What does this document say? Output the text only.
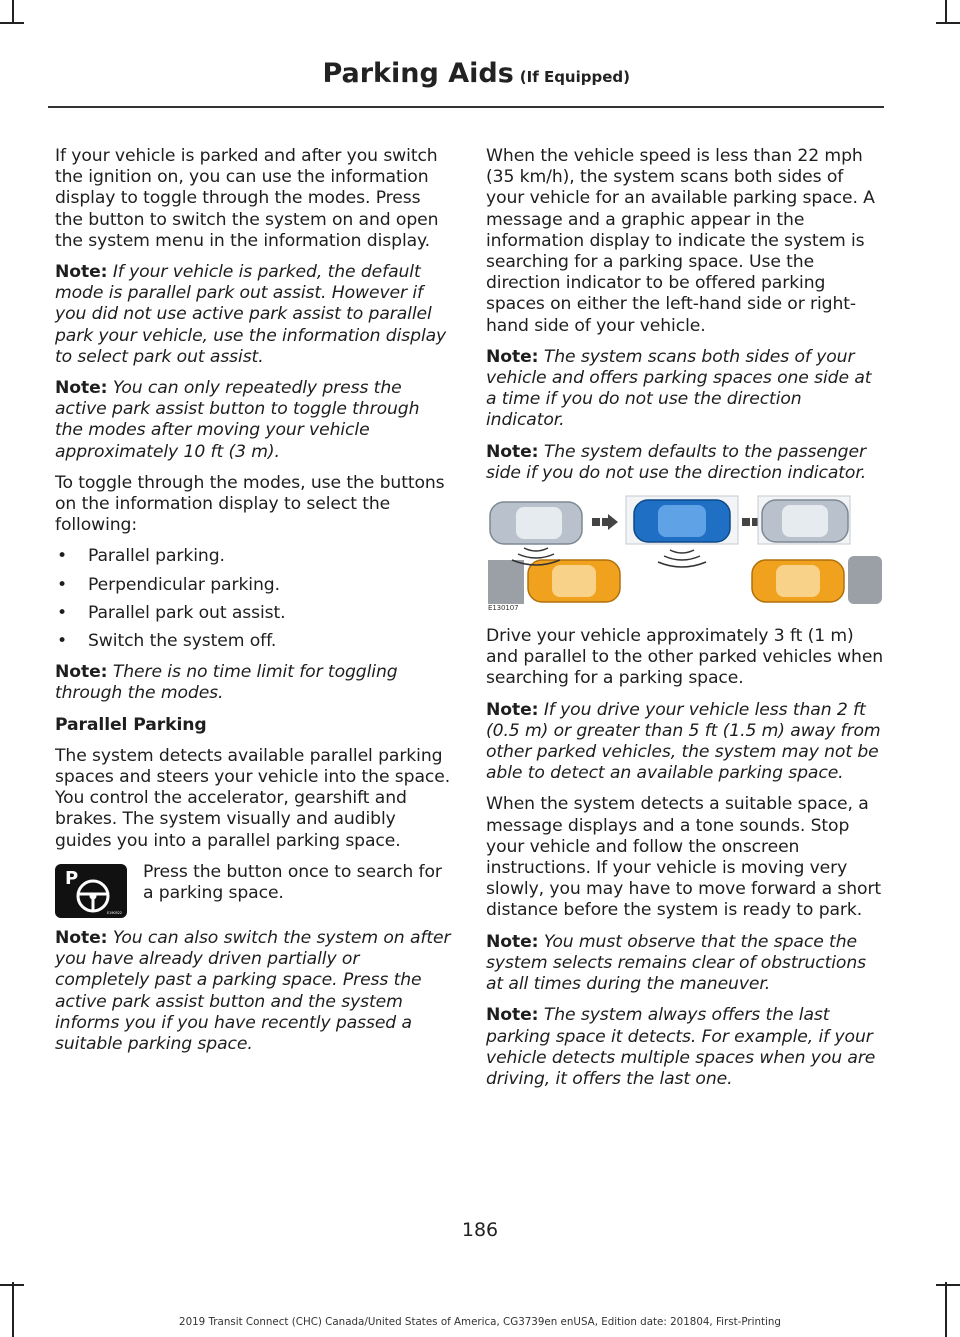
Parking Aids (If Equipped)

If your vehicle is parked and after you switch the ignition on, you can use the information display to toggle through the modes. Press the button to switch the system on and open the system menu in the information display.

Note: If your vehicle is parked, the default mode is parallel park out assist. However if you did not use active park assist to parallel park your vehicle, use the information display to select park out assist.

Note: You can only repeatedly press the active park assist button to toggle through the modes after moving your vehicle approximately 10 ft (3 m).

To toggle through the modes, use the buttons on the information display to select the following:

• Parallel parking.
• Perpendicular parking.
• Parallel park out assist.
• Switch the system off.

Note: There is no time limit for toggling through the modes.

Parallel Parking

The system detects available parallel parking spaces and steers your vehicle into the space. You control the accelerator, gearshift and brakes. The system visually and audibly guides you into a parallel parking space.

P
E190522

Press the button once to search for a parking space.

Note: You can also switch the system on after you have already driven partially or completely past a parking space. Press the active park assist button and the system informs you if you have recently passed a suitable parking space.

When the vehicle speed is less than 22 mph (35 km/h), the system scans both sides of your vehicle for an available parking space. A message and a graphic appear in the information display to indicate the system is searching for a parking space. Use the direction indicator to be offered parking spaces on either the left-hand side or right-hand side of your vehicle.

Note: The system scans both sides of your vehicle and offers parking spaces one side at a time if you do not use the direction indicator.

Note: The system defaults to the passenger side if you do not use the direction indicator.

E130107

Drive your vehicle approximately 3 ft (1 m) and parallel to the other parked vehicles when searching for a parking space.

Note: If you drive your vehicle less than 2 ft (0.5 m) or greater than 5 ft (1.5 m) away from other parked vehicles, the system may not be able to detect an available parking space.

When the system detects a suitable space, a message displays and a tone sounds. Stop your vehicle and follow the onscreen instructions. If your vehicle is moving very slowly, you may have to move forward a short distance before the system is ready to park.

Note: You must observe that the space the system selects remains clear of obstructions at all times during the maneuver.

Note: The system always offers the last parking space it detects. For example, if your vehicle detects multiple spaces when you are driving, it offers the last one.

186
2019 Transit Connect (CHC) Canada/United States of America, CG3739en enUSA, Edition date: 201804, First-Printing
